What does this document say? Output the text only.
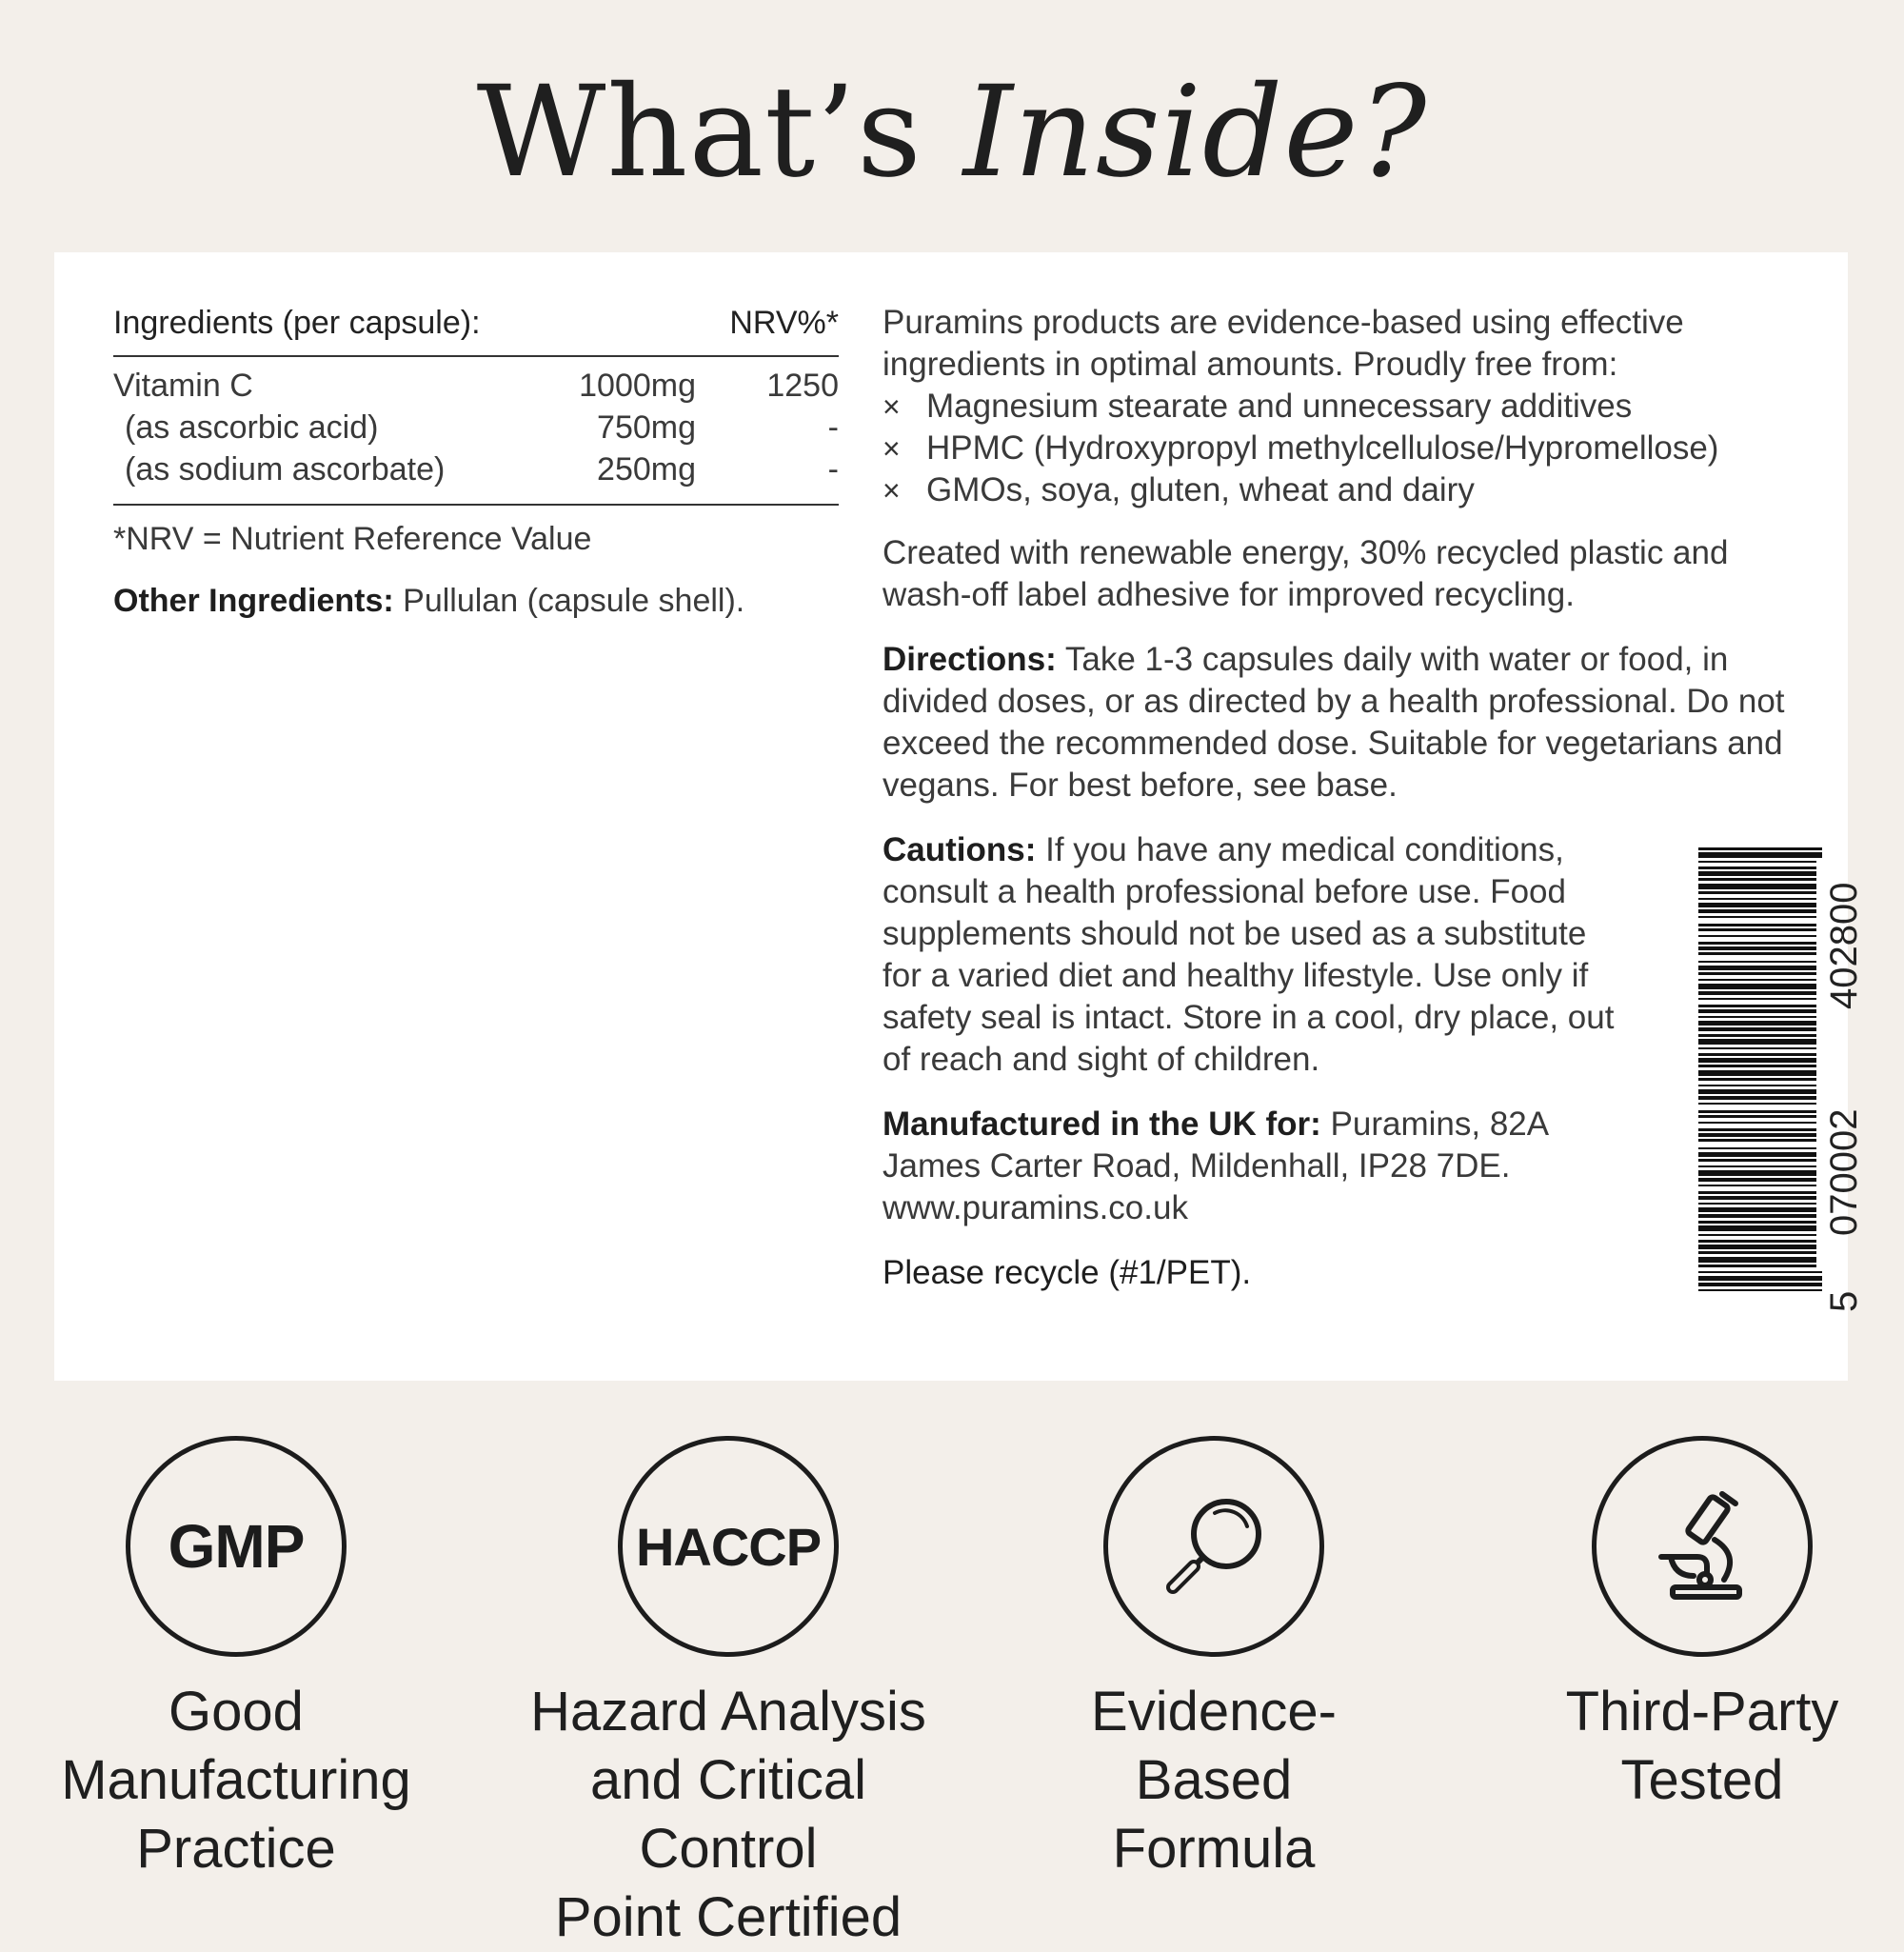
What’s Inside?
Ingredients (per capsule):	NRV%*
Vitamin C	1000mg	1250
(as ascorbic acid)	750mg	-
(as sodium ascorbate)	250mg	-
*NRV = Nutrient Reference Value
Other Ingredients: Pullulan (capsule shell).

Puramins products are evidence-based using effective ingredients in optimal amounts. Proudly free from:

× Magnesium stearate and unnecessary additives
× HPMC (Hydroxypropyl methylcellulose/Hypromellose)
× GMOs, soya, gluten, wheat and dairy

Created with renewable energy, 30% recycled plastic and wash-off label adhesive for improved recycling.

Directions: Take 1-3 capsules daily with water or food, in divided doses, or as directed by a health professional. Do not exceed the recommended dose. Suitable for vegetarians and vegans. For best before, see base.

Cautions: If you have any medical conditions, consult a health professional before use. Food supplements should not be used as a substitute for a varied diet and healthy lifestyle. Use only if safety seal is intact. Store in a cool, dry place, out of reach and sight of children.

Manufactured in the UK for: Puramins, 82A
James Carter Road, Mildenhall, IP28 7DE.
www.puramins.co.uk

Please recycle (#1/PET).

5
070002
402800
GMP
Good
Manufacturing
Practice
HACCP
Hazard Analysis
and Critical Control
Point Certified
Evidence-
Based
Formula
Third-Party
Tested
